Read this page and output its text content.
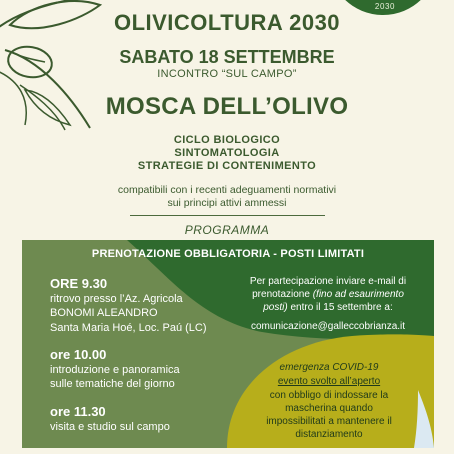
2030
OLIVICOLTURA 2030
SABATO 18 SETTEMBRE
INCONTRO “SUL CAMPO”
MOSCA DELL’OLIVO
CICLO BIOLOGICO
SINTOMATOLOGIA
STRATEGIE DI CONTENIMENTO
compatibili con i recenti adeguamenti normativi
sui principi attivi ammessi
PROGRAMMA
PRENOTAZIONE OBBLIGATORIA - POSTI LIMITATI
ORE 9.30
ritrovo presso l’Az. Agricola
BONOMI ALEANDRO
Santa Maria Hoé, Loc. Paú (LC)
ore 10.00
introduzione e panoramica
sulle tematiche del giorno
ore 11.30
visita e studio sul campo
Per partecipazione inviare e-mail di
prenotazione (fino ad esaurimento
posti) entro il 15 settembre a:
comunicazione@galleccobrianza.it
emergenza COVID-19
evento svolto all’aperto
con obbligo di indossare la
mascherina quando
impossibilitati a mantenere il
distanziamento
